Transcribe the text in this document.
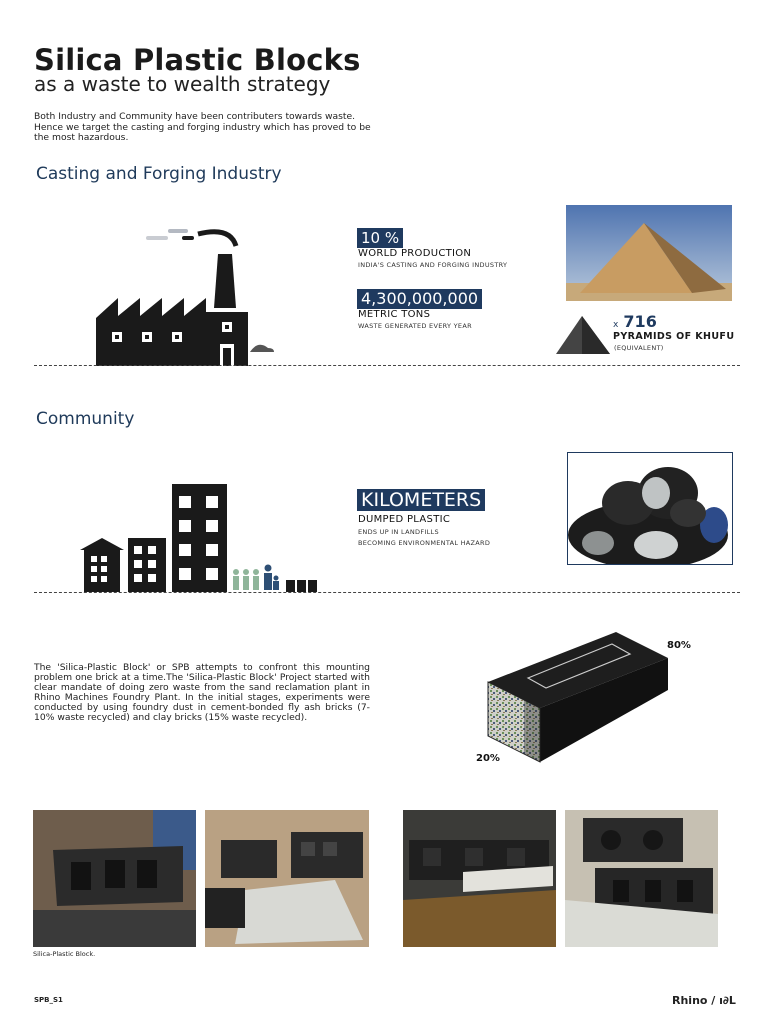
Silica Plastic Blocks
as a waste to wealth strategy
Both Industry and Community have been contributers towards waste. Hence we target the casting and forging industry which has proved to be the most hazardous.
Casting and Forging Industry
10 %
WORLD PRODUCTION
INDIA'S CASTING AND FORGING INDUSTRY
4,300,000,000
METRIC TONS
WASTE GENERATED EVERY YEAR	x 716
PYRAMIDS OF KHUFU
(EQUIVALENT)
Community
KILOMETERS
DUMPED PLASTIC
ENDS UP IN LANDFILLS
BECOMING ENVIRONMENTAL HAZARD
The 'Silica-Plastic Block' or SPB attempts to confront this mounting problem one brick at a time.The 'Silica-Plastic Block' Project started with clear mandate of doing zero waste from the sand reclamation plant in Rhino Machines Foundry Plant. In the initial stages, experiments were conducted by using foundry dust in cement-bonded fly ash bricks (7-10% waste recycled) and clay bricks (15% waste recycled).
80%
20%
Silica-Plastic Block.
SPB_S1	Rhino / ı∂L
